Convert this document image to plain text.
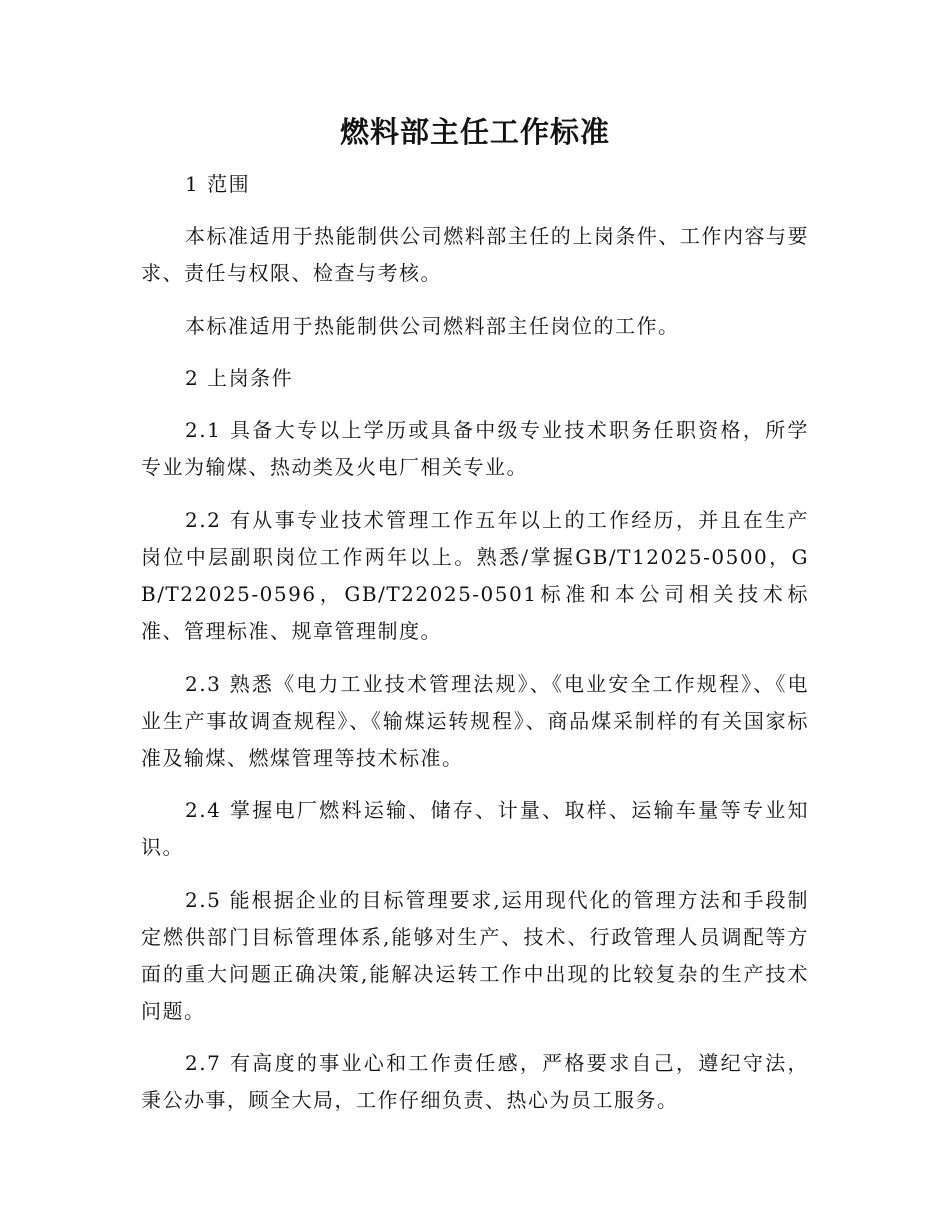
燃料部主任工作标准
1 范围
本标准适用于热能制供公司燃料部主任的上岗条件、工作内容与要求、责任与权限、检查与考核。
本标准适用于热能制供公司燃料部主任岗位的工作。
2 上岗条件
2.1 具备大专以上学历或具备中级专业技术职务任职资格，所学专业为输煤、热动类及火电厂相关专业。
2.2 有从事专业技术管理工作五年以上的工作经历，并且在生产岗位中层副职岗位工作两年以上。熟悉/掌握GB/T12025-0500，GB/T22025-0596，GB/T22025-0501标准和本公司相关技术标准、管理标准、规章管理制度。
2.3 熟悉《电力工业技术管理法规》、《电业安全工作规程》、《电业生产事故调查规程》、《输煤运转规程》、商品煤采制样的有关国家标准及输煤、燃煤管理等技术标准。
2.4 掌握电厂燃料运输、储存、计量、取样、运输车量等专业知识。
2.5 能根据企业的目标管理要求,运用现代化的管理方法和手段制定燃供部门目标管理体系,能够对生产、技术、行政管理人员调配等方面的重大问题正确决策,能解决运转工作中出现的比较复杂的生产技术问题。
2.7 有高度的事业心和工作责任感，严格要求自己，遵纪守法，秉公办事，顾全大局，工作仔细负责、热心为员工服务。
